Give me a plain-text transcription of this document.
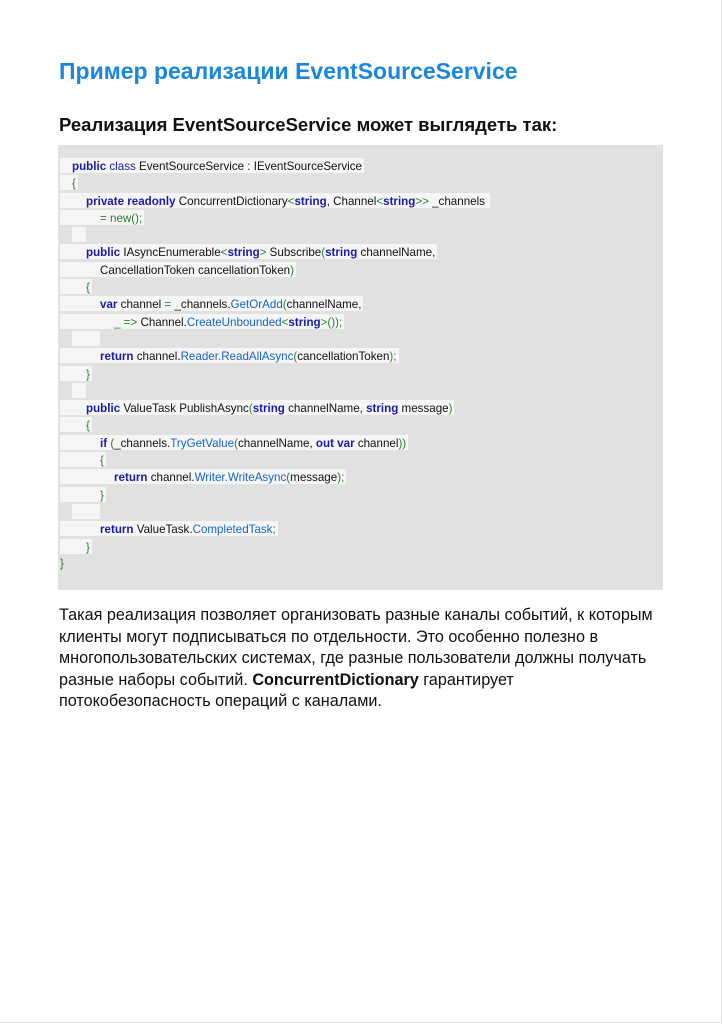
Пример реализации EventSourceService
Реализация EventSourceService может выглядеть так:
public class EventSourceService : IEventSourceService
{
private readonly ConcurrentDictionary<string, Channel<string>> _channels
= new();
public IAsyncEnumerable<string> Subscribe(string channelName,
CancellationToken cancellationToken)
{
var channel = _channels.GetOrAdd(channelName,
_ => Channel.CreateUnbounded<string>());
return channel.Reader.ReadAllAsync(cancellationToken);
}
public ValueTask PublishAsync(string channelName, string message)
{
if (_channels.TryGetValue(channelName, out var channel))
{
return channel.Writer.WriteAsync(message);
}
return ValueTask.CompletedTask;
}
}

Такая реализация позволяет организовать разные каналы событий, к которым клиенты могут подписываться по отдельности. Это особенно полезно в многопользовательских системах, где разные пользователи должны получать разные наборы событий. ConcurrentDictionary гарантирует потокобезопасность операций с каналами.
